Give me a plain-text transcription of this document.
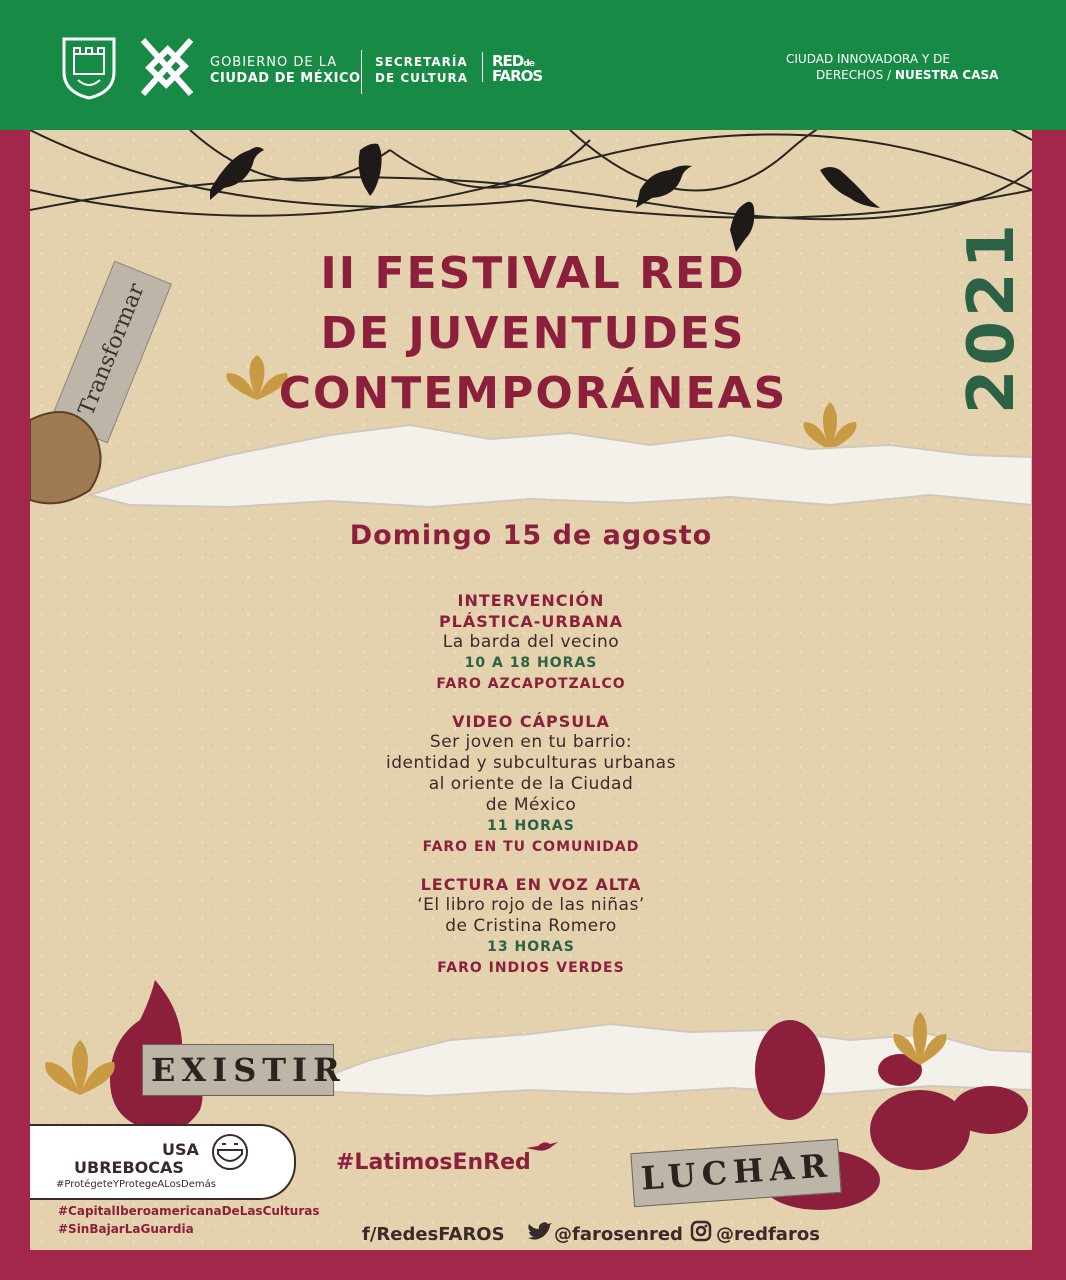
GOBIERNO DE LA
CIUDAD DE MÉXICO
SECRETARÍA
DE CULTURA
REDde
FAROS
CIUDAD INNOVADORA Y DE
DERECHOS / NUESTRA CASA
Transformar
II FESTIVAL RED
DE JUVENTUDES
CONTEMPORÁNEAS	2021
Domingo 15 de agosto
INTERVENCIÓN
PLÁSTICA-URBANA
La barda del vecino
10 A 18 HORAS
FARO AZCAPOTZALCO
VIDEO CÁPSULA
Ser joven en tu barrio:
identidad y subculturas urbanas
al oriente de la Ciudad
de México
11 HORAS
FARO EN TU COMUNIDAD
LECTURA EN VOZ ALTA
‘El libro rojo de las niñas’
de Cristina Romero
13 HORAS
FARO INDIOS VERDES
EXISTIR
LUCHAR
#LatimosEnRed
#CapitalIberoamericanaDeLasCulturas
#SinBajarLaGuardia	f/RedesFAROS	@farosenred @redfaros
USA
UBREBOCAS
#ProtégeteYProtegeALosDemás
